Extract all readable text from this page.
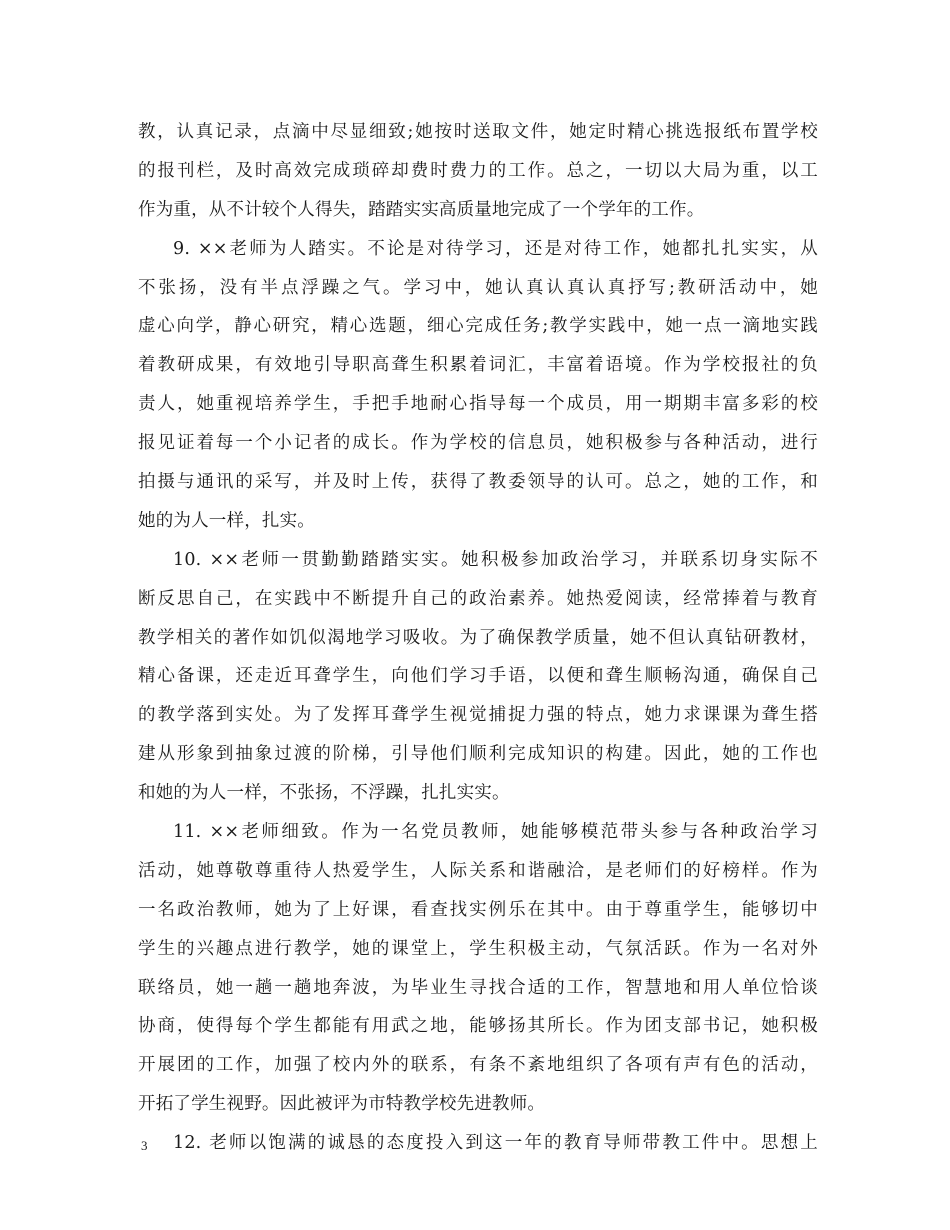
教，认真记录，点滴中尽显细致;她按时送取文件，她定时精心挑选报纸布置学校
的报刊栏，及时高效完成琐碎却费时费力的工作。总之，一切以大局为重，以工
作为重，从不计较个人得失，踏踏实实高质量地完成了一个学年的工作。
9. ××老师为人踏实。不论是对待学习，还是对待工作，她都扎扎实实，从
不张扬，没有半点浮躁之气。学习中，她认真认真认真抒写;教研活动中，她
虚心向学，静心研究，精心选题，细心完成任务;教学实践中，她一点一滴地实践
着教研成果，有效地引导职高聋生积累着词汇，丰富着语境。作为学校报社的负
责人，她重视培养学生，手把手地耐心指导每一个成员，用一期期丰富多彩的校
报见证着每一个小记者的成长。作为学校的信息员，她积极参与各种活动，进行
拍摄与通讯的采写，并及时上传，获得了教委领导的认可。总之，她的工作，和
她的为人一样，扎实。
10. ××老师一贯勤勤踏踏实实。她积极参加政治学习，并联系切身实际不
断反思自己，在实践中不断提升自己的政治素养。她热爱阅读，经常捧着与教育
教学相关的著作如饥似渴地学习吸收。为了确保教学质量，她不但认真钻研教材，
精心备课，还走近耳聋学生，向他们学习手语，以便和聋生顺畅沟通，确保自己
的教学落到实处。为了发挥耳聋学生视觉捕捉力强的特点，她力求课课为聋生搭
建从形象到抽象过渡的阶梯，引导他们顺利完成知识的构建。因此，她的工作也
和她的为人一样，不张扬，不浮躁，扎扎实实。
11. ××老师细致。作为一名党员教师，她能够模范带头参与各种政治学习
活动，她尊敬尊重待人热爱学生，人际关系和谐融洽，是老师们的好榜样。作为
一名政治教师，她为了上好课，看查找实例乐在其中。由于尊重学生，能够切中
学生的兴趣点进行教学，她的课堂上，学生积极主动，气氛活跃。作为一名对外
联络员，她一趟一趟地奔波，为毕业生寻找合适的工作，智慧地和用人单位恰谈
协商，使得每个学生都能有用武之地，能够扬其所长。作为团支部书记，她积极
开展团的工作，加强了校内外的联系，有条不紊地组织了各项有声有色的活动，
开拓了学生视野。因此被评为市特教学校先进教师。
12. 老师以饱满的诚恳的态度投入到这一年的教育导师带教工件中。思想上
3
